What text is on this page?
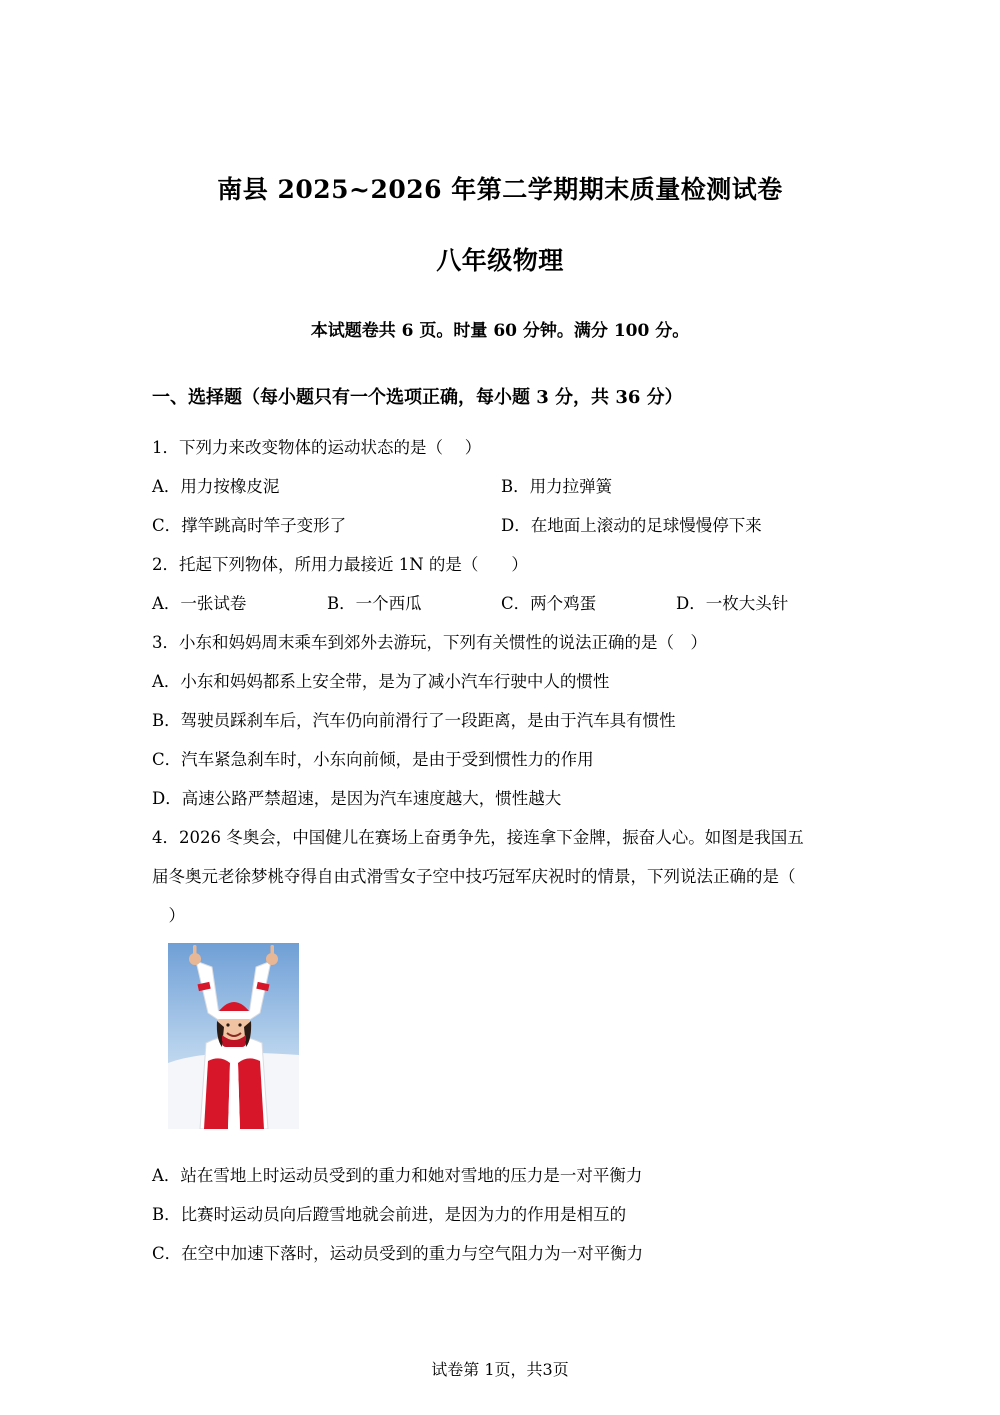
南县 2025~2026 年第二学期期末质量检测试卷
八年级物理
本试题卷共 6 页。时量 60 分钟。满分 100 分。
一、选择题（每小题只有一个选项正确，每小题 3 分，共 36 分）
1．下列力来改变物体的运动状态的是（　 ）
A．用力按橡皮泥	B．用力拉弹簧
C．撑竿跳高时竿子变形了	D．在地面上滚动的足球慢慢停下来
2．托起下列物体，所用力最接近 1N 的是（　　）
A．一张试卷	B．一个西瓜	C．两个鸡蛋	D．一枚大头针
3．小东和妈妈周末乘车到郊外去游玩，下列有关惯性的说法正确的是（　）
A．小东和妈妈都系上安全带，是为了减小汽车行驶中人的惯性
B．驾驶员踩刹车后，汽车仍向前滑行了一段距离，是由于汽车具有惯性
C．汽车紧急刹车时，小东向前倾，是由于受到惯性力的作用
D．高速公路严禁超速，是因为汽车速度越大，惯性越大
4．2026 冬奥会，中国健儿在赛场上奋勇争先，接连拿下金牌，振奋人心。如图是我国五
届冬奥元老徐梦桃夺得自由式滑雪女子空中技巧冠军庆祝时的情景，下列说法正确的是（
　）
A．站在雪地上时运动员受到的重力和她对雪地的压力是一对平衡力
B．比赛时运动员向后蹬雪地就会前进，是因为力的作用是相互的
C．在空中加速下落时，运动员受到的重力与空气阻力为一对平衡力
试卷第 1页，共3页
